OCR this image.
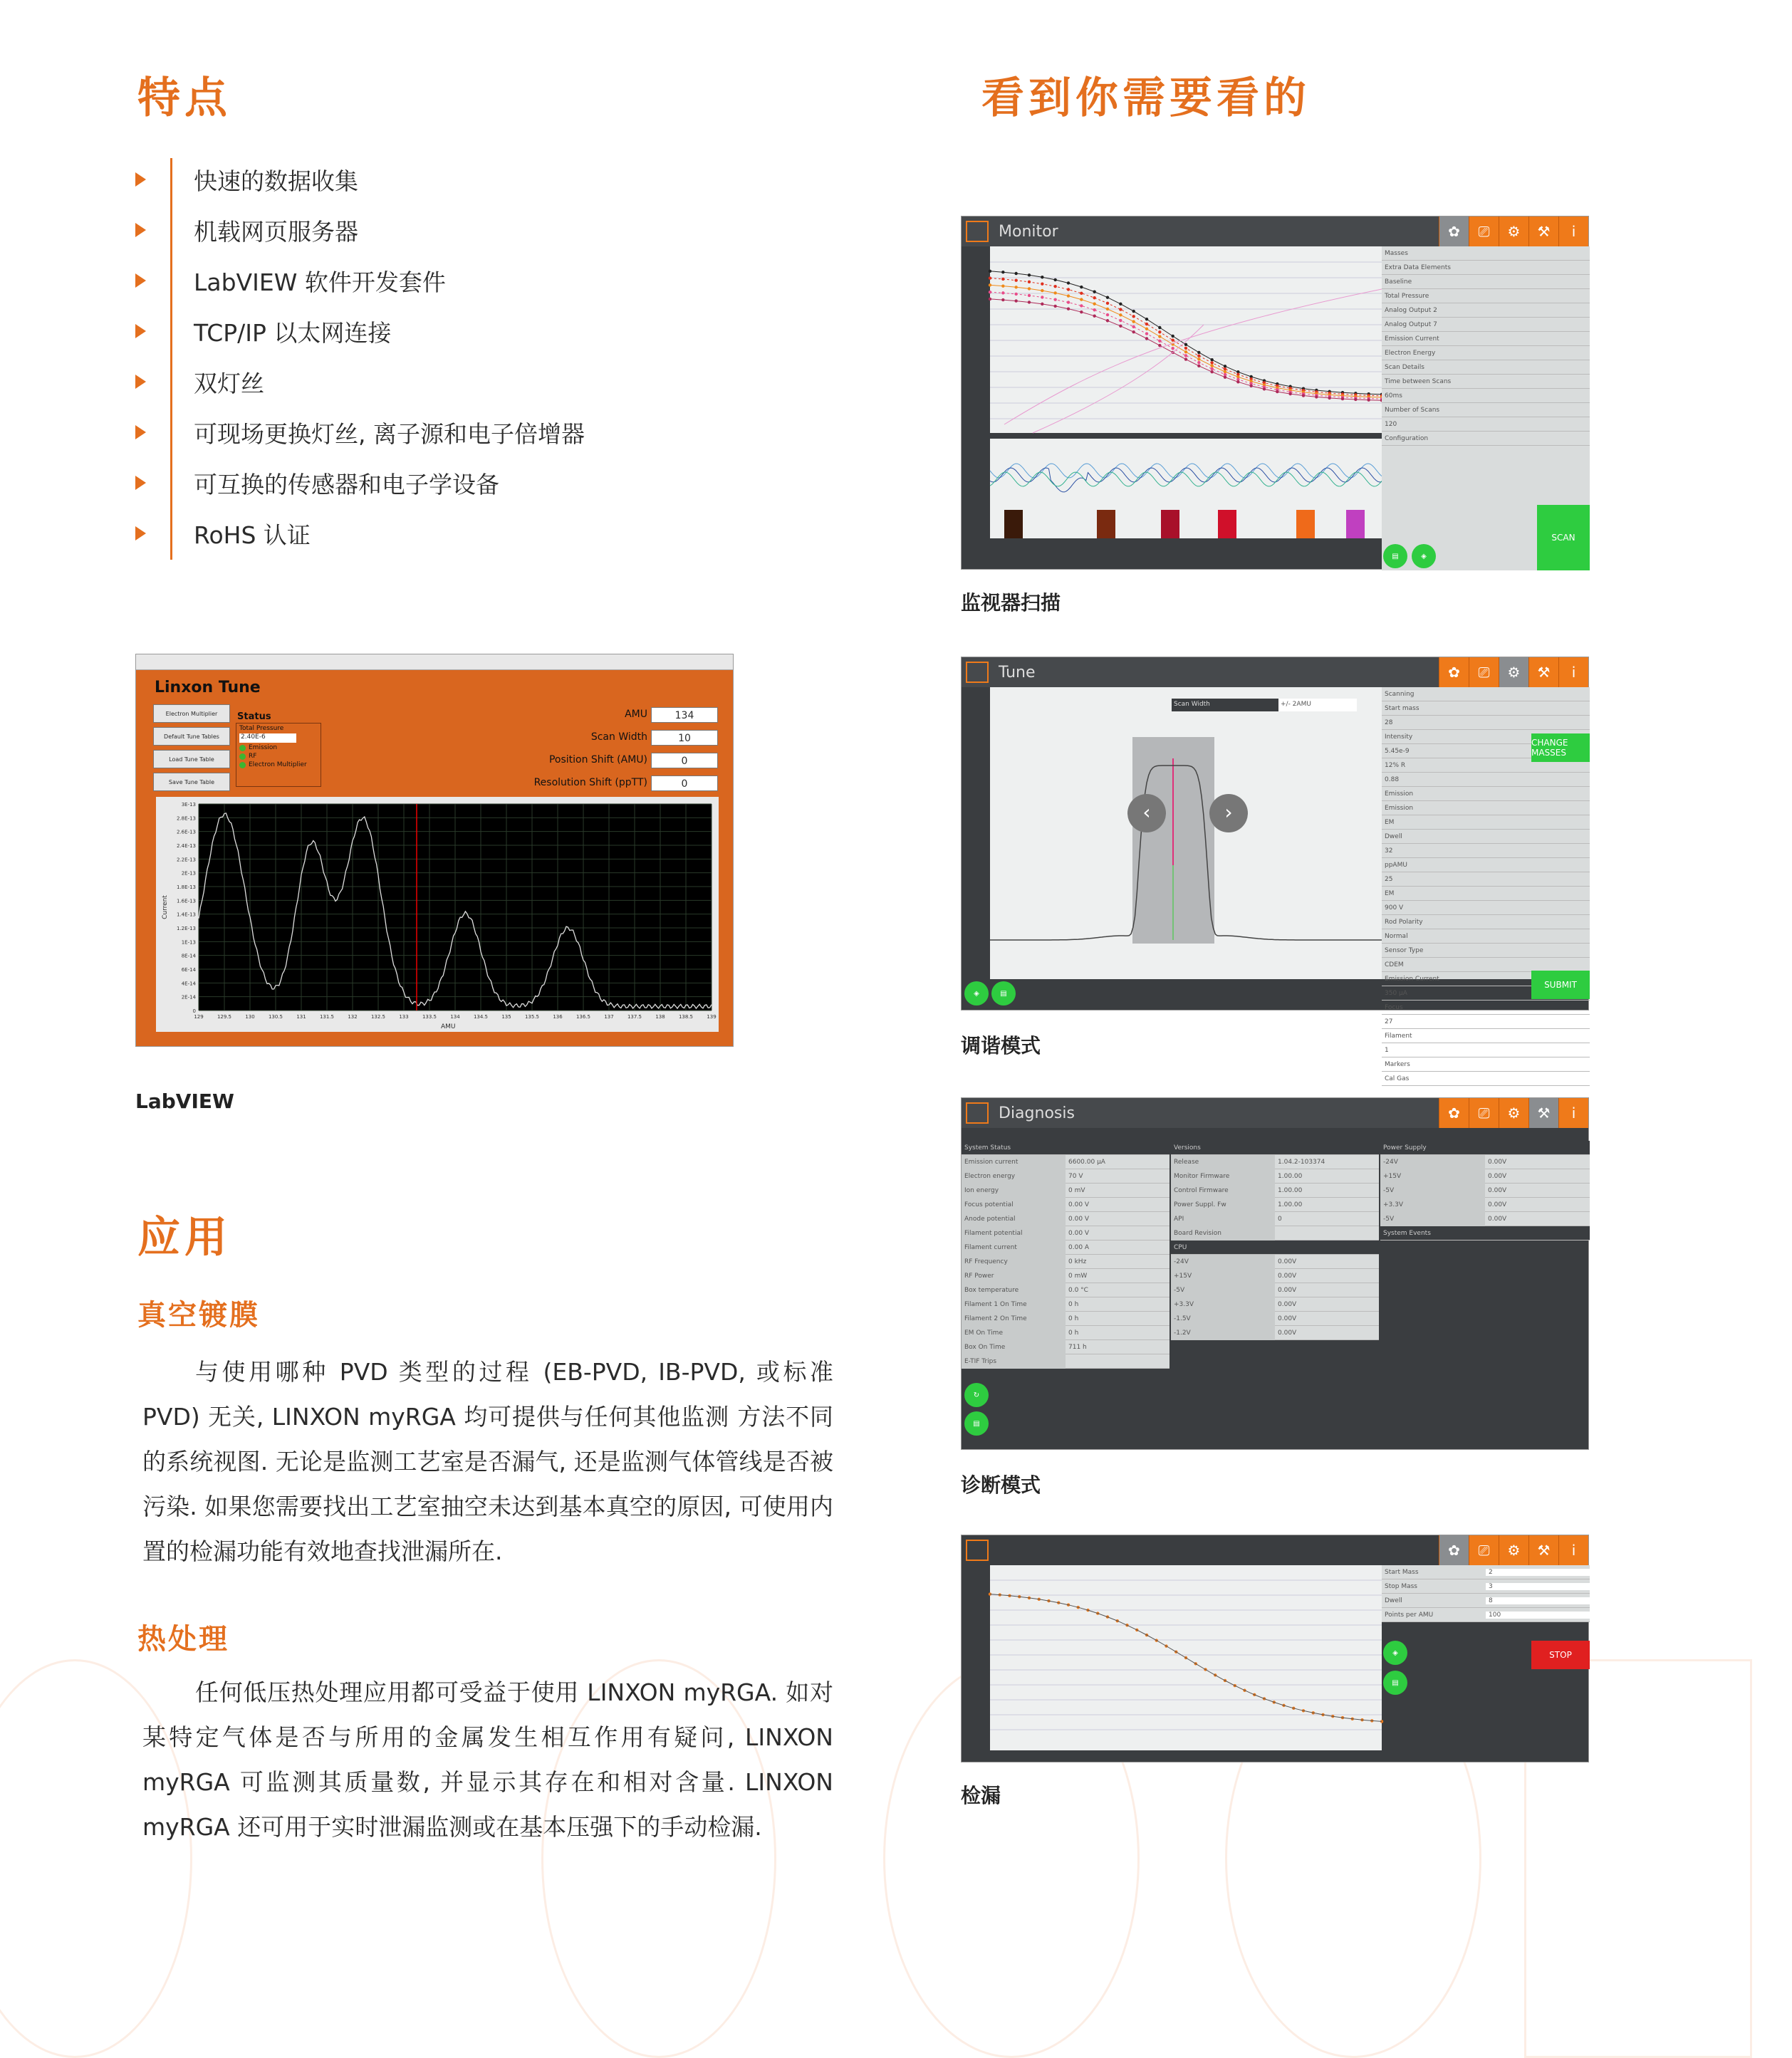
特点
快速的数据收集
机载网页服务器
LabVIEW 软件开发套件
TCP/IP 以太网连接
双灯丝
可现场更换灯丝, 离子源和电子倍增器
可互换的传感器和电子学设备
RoHS 认证
看到你需要看的
Linxon Tune
Electron Multiplier
Default Tune Tables
Load Tune Table
Save Tune Table
Status
Total Pressure
2.40E-6
Emission
RF
Electron Multiplier
AMU	134
Scan Width	10
Position Shift (AMU)	0
Resolution Shift (ppTT)	0
Current
AMU
3E-13
2.8E-13
2.6E-13
2.4E-13
2.2E-13
2E-13
1.8E-13
1.6E-13
1.4E-13
1.2E-13
1E-13
8E-14
6E-14
4E-14
2E-14
0
129	129.5	130	130.5	131	131.5	132	132.5	133	133.5	134	134.5	135	135.5	136	136.5	137	137.5	138	138.5	139
LabVIEW
应用
真空镀膜
与使用哪种 PVD 类型的过程 (EB-PVD, IB-PVD, 或标准 PVD) 无关, LINXON myRGA 均可提供与任何其他监测 方法不同的系统视图. 无论是监测工艺室是否漏气, 还是监测气体管线是否被污染. 如果您需要找出工艺室抽空未达到基本真空的原因, 可使用内置的检漏功能有效地查找泄漏所在.
热处理
任何低压热处理应用都可受益于使用 LINXON myRGA. 如对某特定气体是否与所用的金属发生相互作用有疑问, LINXON myRGA 可监测其质量数, 并显示其存在和相对含量. LINXON myRGA 还可用于实时泄漏监测或在基本压强下的手动检漏.
Monitor	✿	⎚	⚙	⚒	i
Masses
Extra Data Elements
Baseline
Total Pressure
Analog Output 2
Analog Output 7
Emission Current
Electron Energy
Scan Details
Time between Scans
60ms
Number of Scans
120
Configuration
SCAN
▤	◈
监视器扫描
Tune	✿	⎚	⚙	⚒	i
Scan Width	+/- 2AMU
‹	›
Scanning
Start mass
28
Intensity
5.45e-9
12% R
0.88
Emission
Emission
EM
Dwell
32
ppAMU
25
EM
900 V
Rod Polarity
Normal
Sensor Type
CDEM
Emission Current
350 μA
Focus
27
Filament
1
Markers
Cal Gas
CHANGE MASSES
SUBMIT
◈	▤
调谐模式
Diagnosis	✿	⎚	⚙	⚒	i
System Status
Emission current	6600.00 μA
Electron energy	70 V
Ion energy	0 mV
Focus potential	0.00 V
Anode potential	0.00 V
Filament potential	0.00 V
Filament current	0.00 A
RF Frequency	0 kHz
RF Power	0 mW
Box temperature	0.0 °C
Filament 1 On Time	0 h
Filament 2 On Time	0 h
EM On Time	0 h
Box On Time	711 h
E-TIF Trips
Versions
Release	1.04.2-103374
Monitor Firmware	1.00.00
Control Firmware	1.00.00
Power Suppl. Fw	1.00.00
API	0
Board Revision
CPU
-24V	0.00V
+15V	0.00V
-5V	0.00V
+3.3V	0.00V
-1.5V	0.00V
-1.2V	0.00V
Power Supply
-24V	0.00V
+15V	0.00V
-5V	0.00V
+3.3V	0.00V
-5V	0.00V
System Events
↻
▤
诊断模式
✿	⎚	⚙	⚒	i
Start Mass	2
Stop Mass	3
Dwell	8
Points per AMU	100
STOP
◈
▤
检漏
